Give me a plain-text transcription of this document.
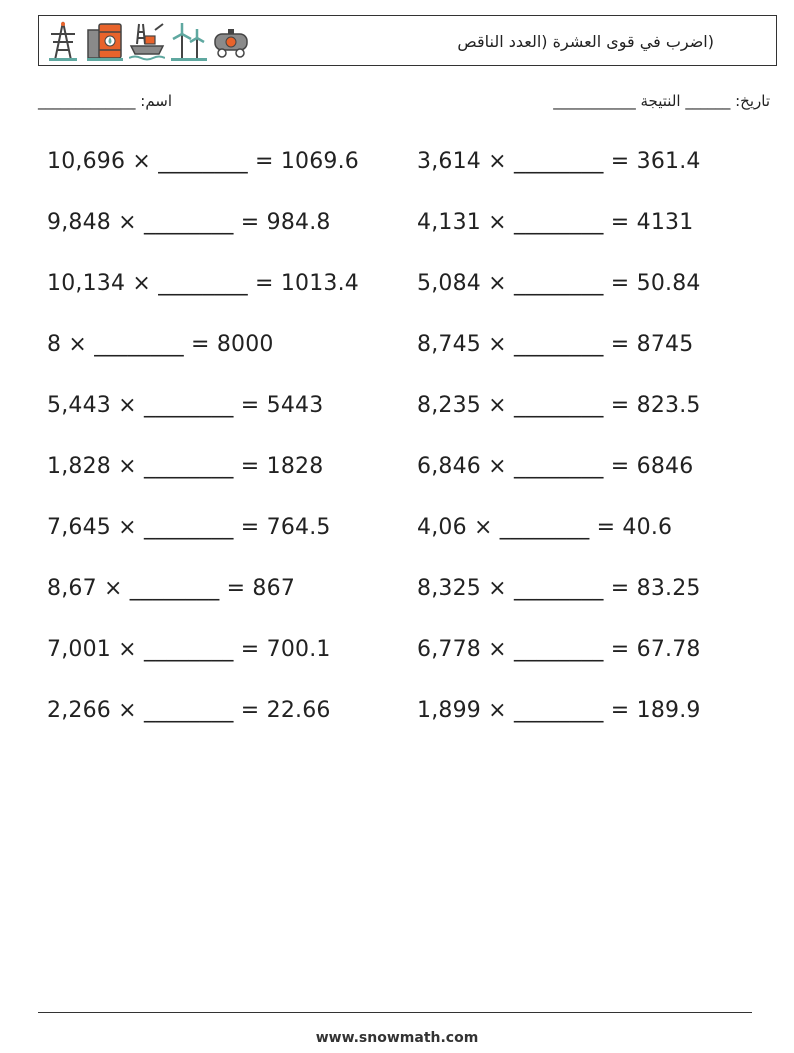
(اضرب في قوى العشرة (العدد الناقص
اسم: _____________	تاريخ: ______ النتيجة ___________
10,696 × ________ = 1069.6	3,614 × ________ = 361.4
9,848 × ________ = 984.8	4,131 × ________ = 4131
10,134 × ________ = 1013.4	5,084 × ________ = 50.84
8 × ________ = 8000	8,745 × ________ = 8745
5,443 × ________ = 5443	8,235 × ________ = 823.5
1,828 × ________ = 1828	6,846 × ________ = 6846
7,645 × ________ = 764.5	4,06 × ________ = 40.6
8,67 × ________ = 867	8,325 × ________ = 83.25
7,001 × ________ = 700.1	6,778 × ________ = 67.78
2,266 × ________ = 22.66	1,899 × ________ = 189.9
www.snowmath.com
